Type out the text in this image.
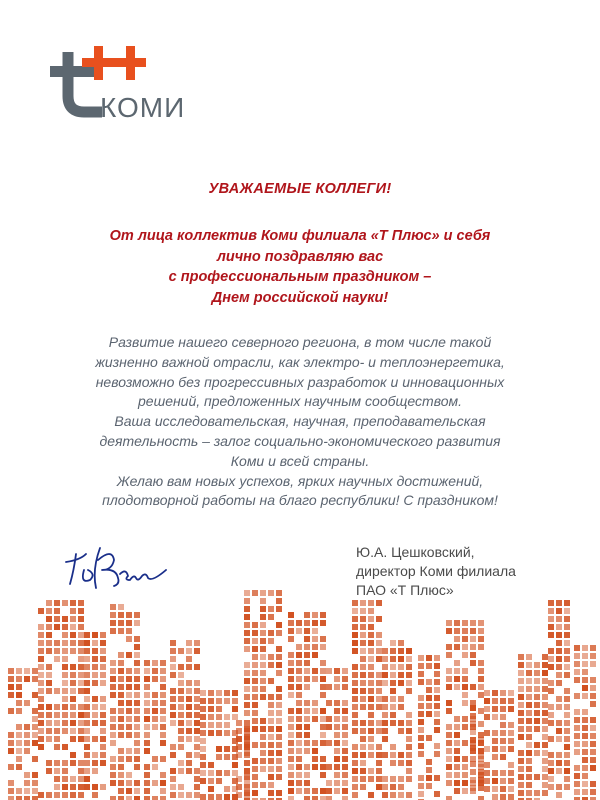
КОМИ
УВАЖАЕМЫЕ КОЛЛЕГИ!
От лица коллектив Коми филиала «Т Плюс» и себя
лично поздравляю вас
с профессиональным праздником –
Днем российской науки!
Развитие нашего северного региона, в том числе такой
жизненно важной отрасли, как электро- и теплоэнергетика,
невозможно без прогрессивных разработок и инновационных
решений, предложенных научным сообществом.
Ваша исследовательская, научная, преподавательская
деятельность – залог социально-экономического развития
Коми и всей страны.
Желаю вам новых успехов, ярких научных достижений,
плодотворной работы на благо республики! С праздником!
Ю.А. Цешковский,
директор Коми филиала
ПАО «Т Плюс»
